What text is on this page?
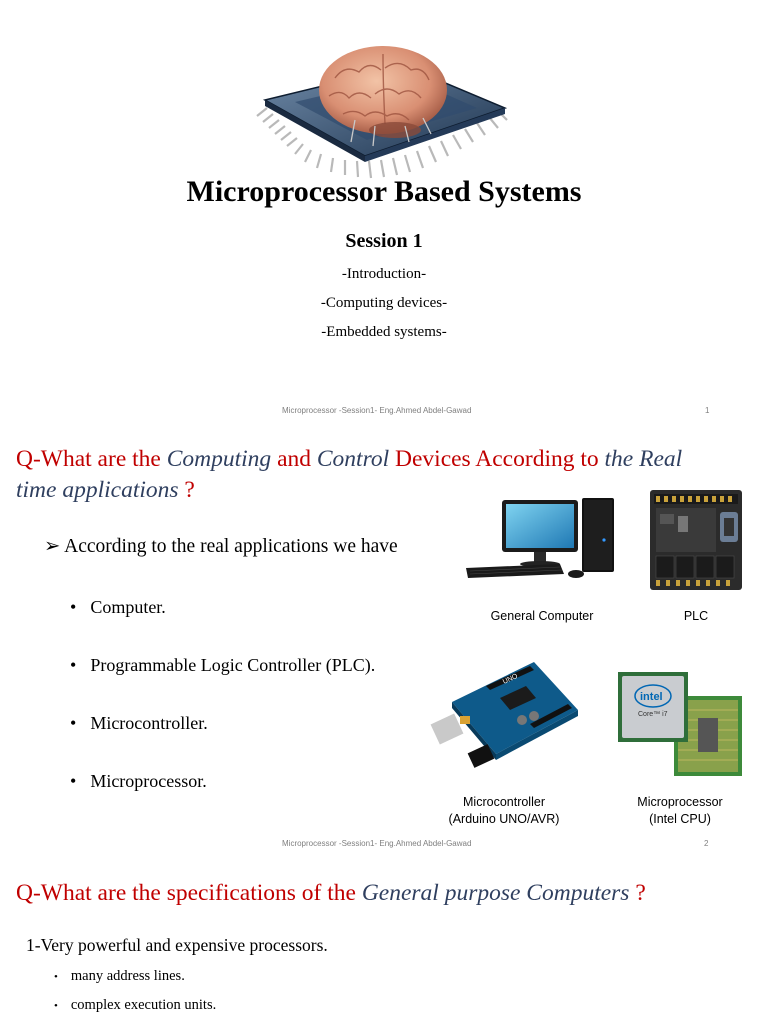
Microprocessor Based Systems
Session 1
-Introduction-
-Computing devices-
-Embedded systems-
Microprocessor -Session1- Eng.Ahmed Abdel-Gawad	1
Q-What are the Computing and Control Devices According to the Real
time applications ?
➢ According to the real applications we have
• Computer.
• Programmable Logic Controller (PLC).
• Microcontroller.
• Microprocessor.
General Computer	PLC
UNO
intel
Core™ i7
Microcontroller
(Arduino UNO/AVR)
Microprocessor
(Intel CPU)
Microprocessor -Session1- Eng.Ahmed Abdel-Gawad	2
Q-What are the specifications of the General purpose Computers ?
1-Very powerful and expensive processors.
• many address lines.
• complex execution units.
